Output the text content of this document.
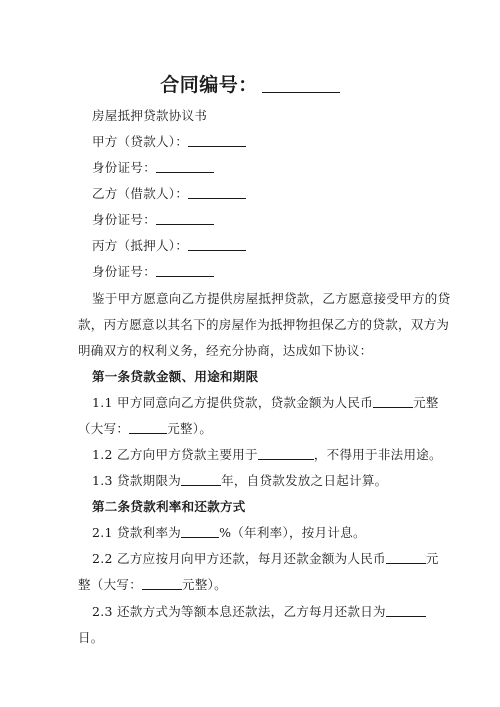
合同编号：
房屋抵押贷款协议书
甲方（贷款人）：
身份证号：
乙方（借款人）：
身份证号：
丙方（抵押人）：
身份证号：
鉴于甲方愿意向乙方提供房屋抵押贷款，乙方愿意接受甲方的贷
款，丙方愿意以其名下的房屋作为抵押物担保乙方的贷款，双方为
明确双方的权利义务，经充分协商，达成如下协议：
第一条贷款金额、用途和期限
1.1 甲方同意向乙方提供贷款，贷款金额为人民币	元整
（大写：	元整）。
1.2 乙方向甲方贷款主要用于	，不得用于非法用途。
1.3 贷款期限为	年，自贷款发放之日起计算。
第二条贷款利率和还款方式
2.1 贷款利率为	%（年利率），按月计息。
2.2 乙方应按月向甲方还款，每月还款金额为人民币	元
整（大写：	元整）。
2.3 还款方式为等额本息还款法，乙方每月还款日为
日。
